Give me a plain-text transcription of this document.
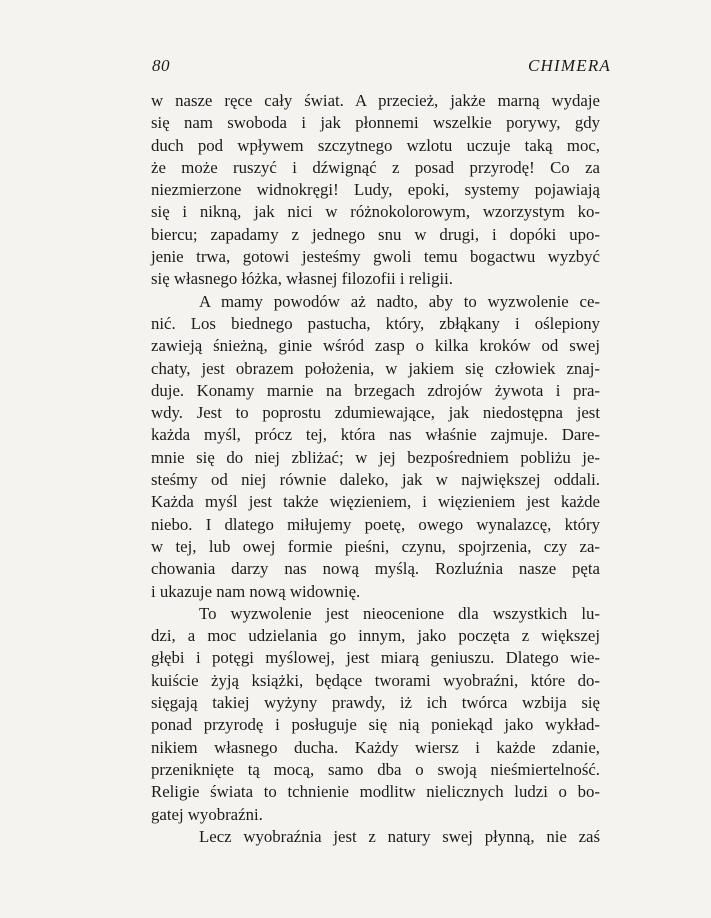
80	CHIMERA
w nasze ręce cały świat. A przecież, jakże marną wydaje
się nam swoboda i jak płonnemi wszelkie porywy, gdy
duch pod wpływem szczytnego wzlotu uczuje taką moc,
że może ruszyć i dźwignąć z posad przyrodę! Co za
niezmierzone widnokręgi! Ludy, epoki, systemy pojawiają
się i nikną, jak nici w różnokolorowym, wzorzystym ko-
biercu; zapadamy z jednego snu w drugi, i dopóki upo-
jenie trwa, gotowi jesteśmy gwoli temu bogactwu wyzbyć
się własnego łóżka, własnej filozofii i religii.
A mamy powodów aż nadto, aby to wyzwolenie ce-
nić. Los biednego pastucha, który, zbłąkany i oślepiony
zawieją śnieżną, ginie wśród zasp o kilka kroków od swej
chaty, jest obrazem położenia, w jakiem się człowiek znaj-
duje. Konamy marnie na brzegach zdrojów żywota i pra-
wdy. Jest to poprostu zdumiewające, jak niedostępna jest
każda myśl, prócz tej, która nas właśnie zajmuje. Dare-
mnie się do niej zbliżać; w jej bezpośredniem pobliżu je-
steśmy od niej równie daleko, jak w największej oddali.
Każda myśl jest także więzieniem, i więzieniem jest każde
niebo. I dlatego miłujemy poetę, owego wynalazcę, który
w tej, lub owej formie pieśni, czynu, spojrzenia, czy za-
chowania darzy nas nową myślą. Rozluźnia nasze pęta
i ukazuje nam nową widownię.
To wyzwolenie jest nieocenione dla wszystkich lu-
dzi, a moc udzielania go innym, jako poczęta z większej
głębi i potęgi myślowej, jest miarą geniuszu. Dlatego wie-
kuiście żyją książki, będące tworami wyobraźni, które do-
sięgają takiej wyżyny prawdy, iż ich twórca wzbija się
ponad przyrodę i posługuje się nią poniekąd jako wykład-
nikiem własnego ducha. Każdy wiersz i każde zdanie,
przeniknięte tą mocą, samo dba o swoją nieśmiertelność.
Religie świata to tchnienie modlitw nielicznych ludzi o bo-
gatej wyobraźni.
Lecz wyobraźnia jest z natury swej płynną, nie zaś
